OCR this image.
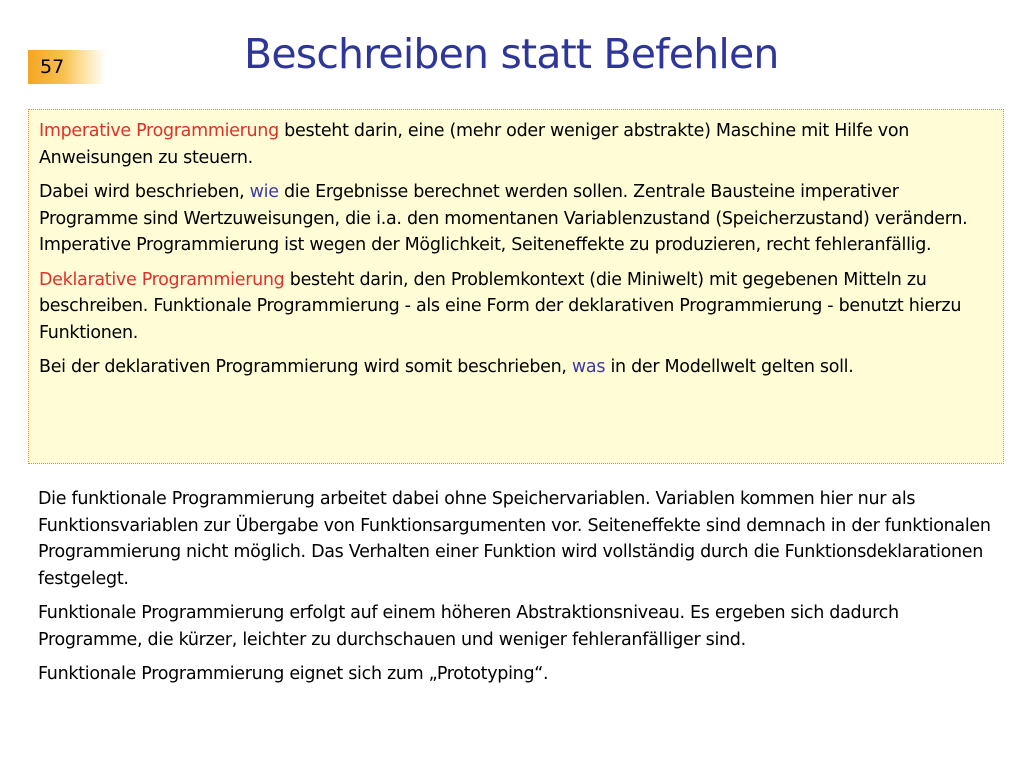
57	Beschreiben statt Befehlen

Imperative Programmierung besteht darin, eine (mehr oder weniger abstrakte) Maschine mit Hilfe von Anweisungen zu steuern.

Dabei wird beschrieben, wie die Ergebnisse berechnet werden sollen. Zentrale Bausteine imperativer Programme sind Wertzuweisungen, die i.a. den momentanen Variablenzustand (Speicherzustand) verändern. Imperative Programmierung ist wegen der Möglichkeit, Seiteneffekte zu produzieren, recht fehleranfällig.

Deklarative Programmierung besteht darin, den Problemkontext (die Miniwelt) mit gegebenen Mitteln zu beschreiben. Funktionale Programmierung - als eine Form der deklarativen Programmierung - benutzt hierzu Funktionen.

Bei der deklarativen Programmierung wird somit beschrieben, was in der Modellwelt gelten soll.

Die funktionale Programmierung arbeitet dabei ohne Speichervariablen. Variablen kommen hier nur als Funktionsvariablen zur Übergabe von Funktionsargumenten vor. Seiteneffekte sind demnach in der funktionalen Programmierung nicht möglich. Das Verhalten einer Funktion wird vollständig durch die Funktionsdeklarationen festgelegt.

Funktionale Programmierung erfolgt auf einem höheren Abstraktionsniveau. Es ergeben sich dadurch Programme, die kürzer, leichter zu durchschauen und weniger fehleranfälliger sind.

Funktionale Programmierung eignet sich zum „Prototyping“.
